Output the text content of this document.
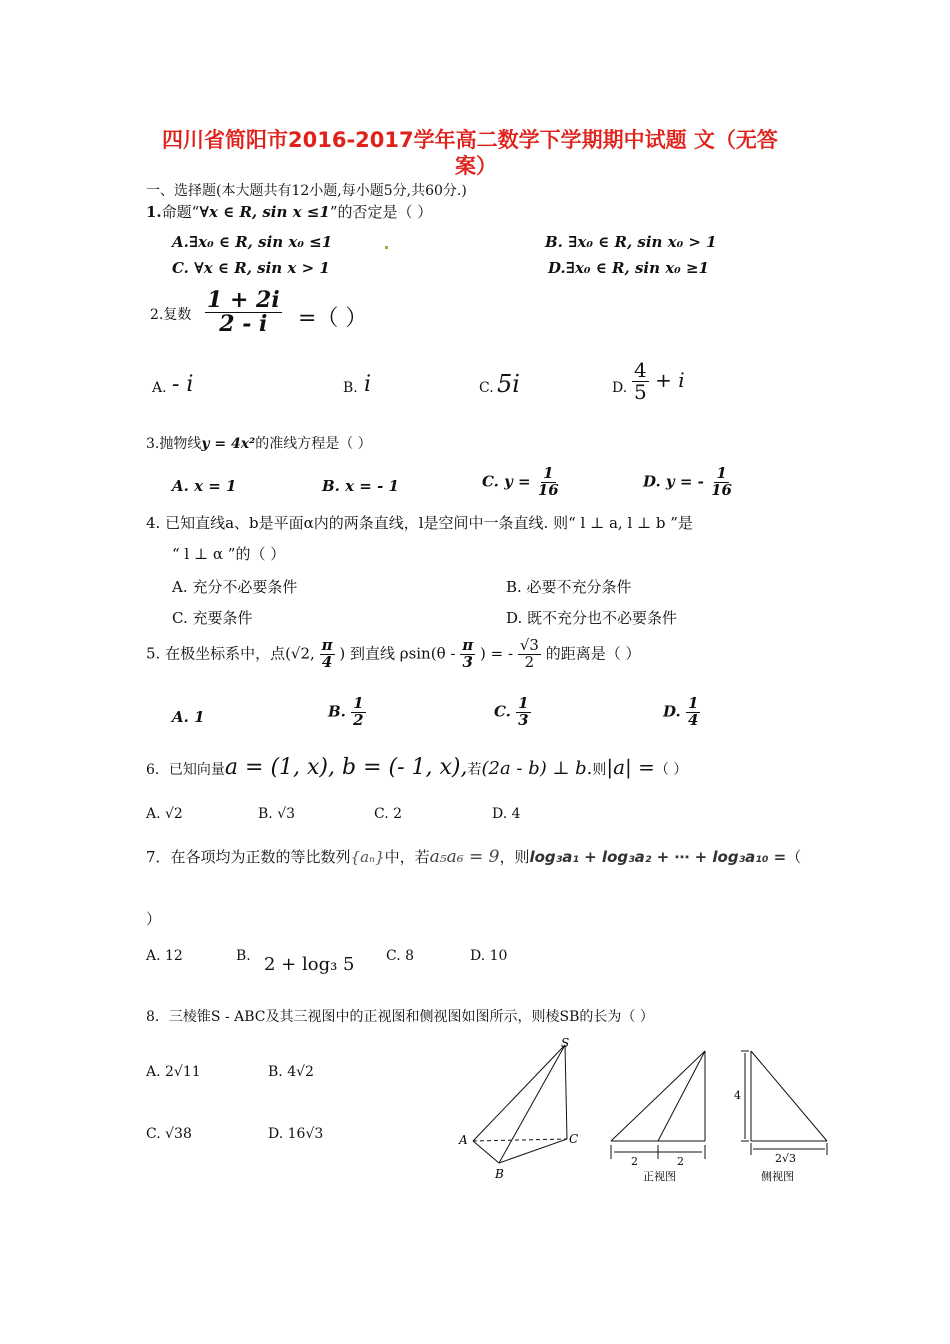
四川省简阳市2016-2017学年高二数学下学期期中试题 文（无答
案）
一、选择题(本大题共有12小题,每小题5分,共60分.)
1.命题“∀x ∈ R, sin x ≤1”的否定是（ ）
A.∃x₀ ∈ R, sin x₀ ≤1	B. ∃x₀ ∈ R, sin x₀ > 1
C. ∀x ∈ R, sin x > 1	D.∃x₀ ∈ R, sin x₀ ≥1
2.复数 $\frac{1 + 2i}{2 - i}$ =（ ）
A. - i	B. i	C. 5i	D. $\frac{4}{5} + i$
3.抛物线y = 4x²的准线方程是（ ）
A. x = 1	B. x = - 1	C. $y = \frac{1}{16}$	D. y = - $\frac{1}{16}$
4. 已知直线a、b是平面α内的两条直线，l是空间中一条直线. 则“ l ⊥ a, l ⊥ b ”是
“ l ⊥ α ”的（ ）
A. 充分不必要条件	B. 必要不充分条件
C. 充要条件	D. 既不充分也不必要条件
5. 在极坐标系中，点(√2, $\frac{\pi}{4}$ ) 到直线 $\rho\sin(\theta - \frac{\pi}{3}$ ) = - $\frac{√3}{2}$ 的距离是（ ）
A. 1	B. $\frac{1}{2}$	C. $\frac{1}{3}$	D. $\frac{1}{4}$
6．已知向量a = (1, x), b = (- 1, x),若(2a - b) ⊥ b.则|a| =（ ）
A. √2	B. √3	C. 2	D. 4
7．在各项均为正数的等比数列{aₙ}中，若a₅a₆ = 9，则log₃a₁ + log₃a₂ + ⋯ + log₃a₁₀ =（
）
A. 12	B. 2 + log₃ 5 C. 8	D. 10
8．三棱锥S - ABC及其三视图中的正视图和侧视图如图所示，则棱SB的长为（ ）
A. 2√11	B. 4√2
C. √38	D. 16√3
S
A
B
C
2	2
正视图
4
2√3
侧视图
